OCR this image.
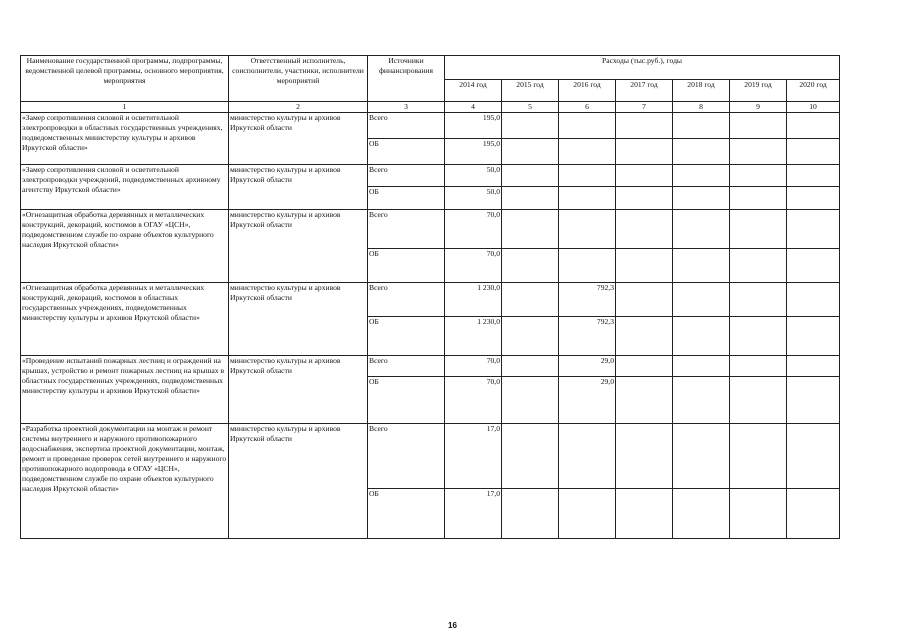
Наименование государственной программы, подпрограммы, ведомственной целевой программы, основного мероприятия, мероприятия	Ответственный исполнитель, соисполнители, участники, исполнители мероприятий	Источники финансирования	Расходы (тыс.руб.), годы						
			2014 год	2015 год	2016 год	2017 год	2018 год	2019 год	2020 год
1	2	3	4	5	6	7	8	9	10
«Замер сопротивления силовой и осветительной электропроводки в областных государственных учреждениях, подведомственных министерству культуры и архивов Иркутской области»	министерство культуры и архивов Иркутской области	Всего	195,0						
		ОБ	195,0						
«Замер сопротивления силовой и осветительной электропроводки учреждений, подведомственных архивному агентству Иркутской области»	министерство культуры и архивов Иркутской области	Всего	50,0						
		ОБ	50,0						
«Огнезащитная обработка деревянных и металлических конструкций, декораций, костюмов в ОГАУ «ЦСН», подведомственном службе по охране объектов культурного наследия Иркутской области»	министерство культуры и архивов Иркутской области	Всего	70,0						
		ОБ	70,0						
«Огнезащитная обработка деревянных и металлических конструкций, декораций, костюмов в областных государственных учреждениях, подведомственных министерству культуры и архивов Иркутской области»	министерство культуры и архивов Иркутской области	Всего	1 230,0		792,3				
		ОБ	1 230,0		792,3				
«Проведение испытаний пожарных лестниц и ограждений на крышах, устройство и ремонт пожарных лестниц на крышах в областных государственных учреждениях, подведомственных министерству культуры и архивов Иркутской области»	министерство культуры и архивов Иркутской области	Всего	70,0		29,0				
		ОБ	70,0		29,0				
«Разработка проектной документации на монтаж и ремонт системы внутреннего и наружного противопожарного водоснабжения, экспертиза проектной документации, монтаж, ремонт и проведение проверок сетей внутреннего и наружного противопожарного водопровода в ОГАУ «ЦСН», подведомственном службе по охране объектов культурного наследия Иркутской области»	министерство культуры и архивов Иркутской области	Всего	17,0						
		ОБ	17,0						
16
